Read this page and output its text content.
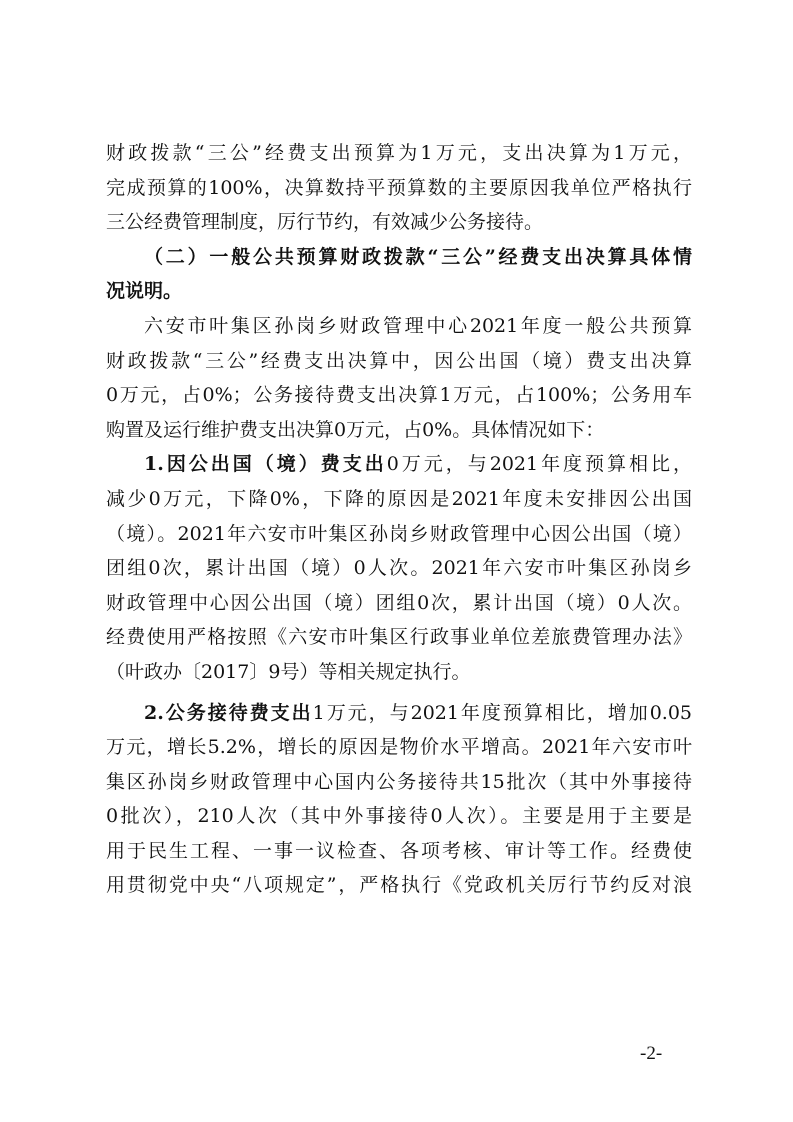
财政拨款“三公”经费支出预算为1万元，支出决算为1万元，
完成预算的100%，决算数持平预算数的主要原因我单位严格执行
三公经费管理制度，厉行节约，有效减少公务接待。
（二）一般公共预算财政拨款“三公”经费支出决算具体情
况说明。
六安市叶集区孙岗乡财政管理中心2021年度一般公共预算
财政拨款“三公”经费支出决算中，因公出国（境）费支出决算
0万元，占0%；公务接待费支出决算1万元，占100%；公务用车
购置及运行维护费支出决算0万元，占0%。具体情况如下：
1.因公出国（境）费支出0万元，与2021年度预算相比，
减少0万元，下降0%，下降的原因是2021年度未安排因公出国
（境）。2021年六安市叶集区孙岗乡财政管理中心因公出国（境）
团组0次，累计出国（境）0人次。2021年六安市叶集区孙岗乡
财政管理中心因公出国（境）团组0次，累计出国（境）0人次。
经费使用严格按照《六安市叶集区行政事业单位差旅费管理办法》
（叶政办〔2017〕9号）等相关规定执行。
2.公务接待费支出1万元，与2021年度预算相比，增加0.05
万元，增长5.2%，增长的原因是物价水平增高。2021年六安市叶
集区孙岗乡财政管理中心国内公务接待共15批次（其中外事接待
0批次），210人次（其中外事接待0人次）。主要是用于主要是
用于民生工程、一事一议检查、各项考核、审计等工作。经费使
用贯彻党中央“八项规定”，严格执行《党政机关厉行节约反对浪
-2-
